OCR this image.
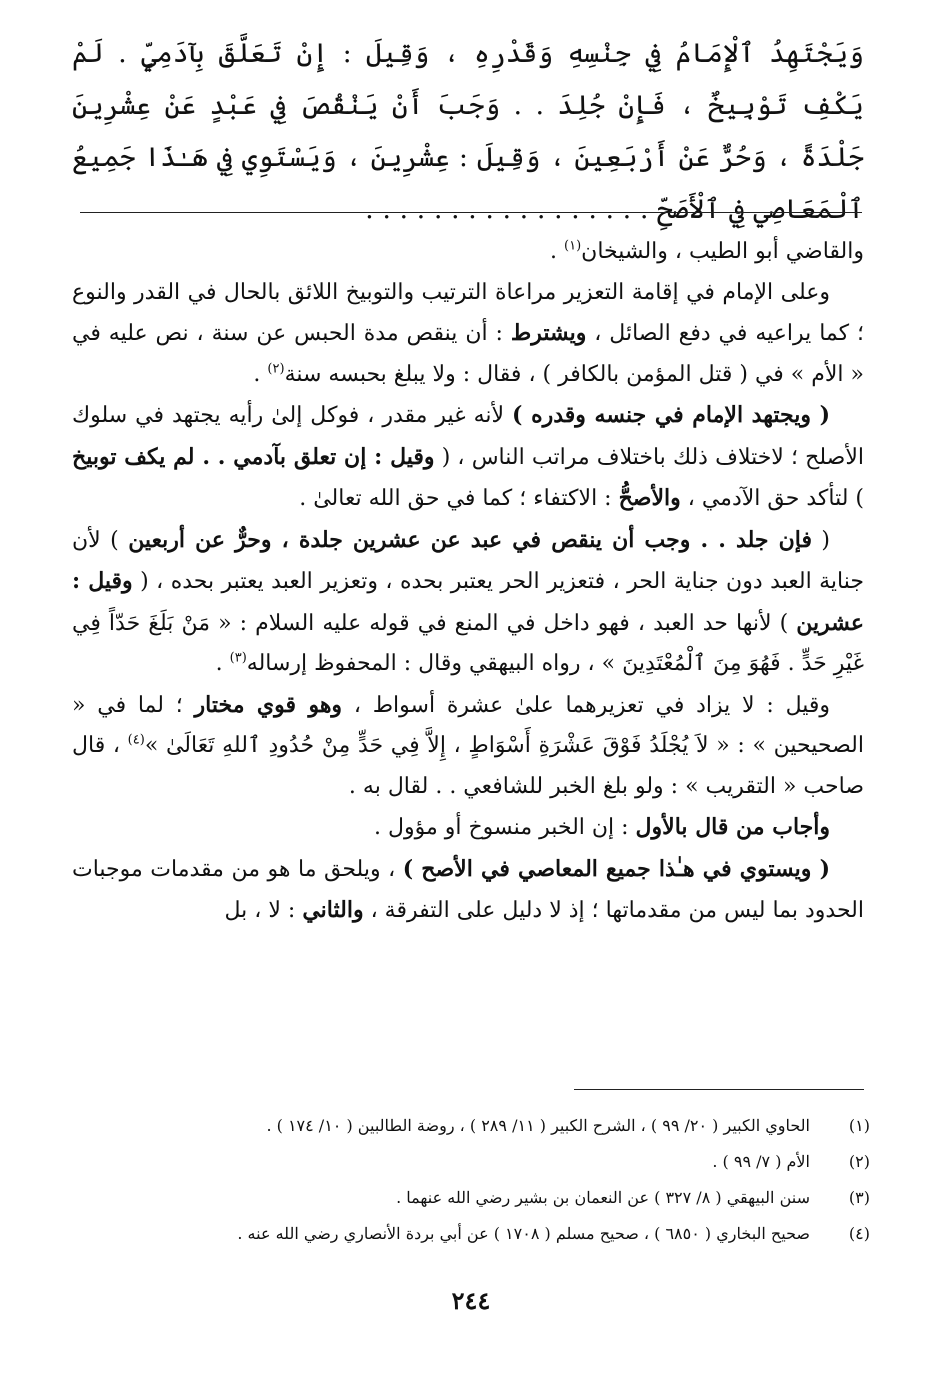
وَيَجْتَهِدُ ٱلْإِمَامُ فِي جِنْسِهِ وَقَدْرِهِ ، وَقِيلَ : إِنْ تَعَلَّقَ بِآدَمِيٍّ . لَمْ يَكْفِ تَوْبِيخٌ ، فَإِنْ جُلِدَ . . وَجَبَ أَنْ يَنْقُصَ فِي عَبْدٍ عَنْ عِشْرِينَ جَلْدَةً ، وَحُرٌّ عَنْ أَرْبَعِينَ ، وَقِيلَ : عِشْرِينَ ، وَيَسْتَوِي فِي هَـٰذَا جَمِيعُ ٱلْمَعَاصِي فِي ٱلْأَصَحِّ . . . . . . . . . . . . . . . . .

والقاضي أبو الطيب ، والشيخان$^{(١)}$ .

وعلى الإمام في إقامة التعزير مراعاة الترتيب والتوبيخ اللائق بالحال في القدر والنوع ؛ كما يراعيه في دفع الصائل ، ويشترط : أن ينقص مدة الحبس عن سنة ، نص عليه في « الأم » في ( قتل المؤمن بالكافر ) ، فقال : ولا يبلغ بحبسه سنة$^{(٢)}$ .

( ويجتهد الإمام في جنسه وقدره ) لأنه غير مقدر ، فوكل إلىٰ رأيه يجتهد في سلوك الأصلح ؛ لاختلاف ذلك باختلاف مراتب الناس ، ( وقيل : إن تعلق بآدمي . . لم يكف توبيخ ) لتأكد حق الآدمي ، والأصحُّ : الاكتفاء ؛ كما في حق الله تعالىٰ .

( فإن جلد . . وجب أن ينقص في عبد عن عشرين جلدة ، وحرٌّ عن أربعين ) لأن جناية العبد دون جناية الحر ، فتعزير الحر يعتبر بحده ، وتعزير العبد يعتبر بحده ، ( وقيل : عشرين ) لأنها حد العبد ، فهو داخل في المنع في قوله عليه السلام : « مَنْ بَلَغَ حَدّاً فِي غَيْرِ حَدٍّ . فَهُوَ مِنَ ٱلْمُعْتَدِينَ » ، رواه البيهقي وقال : المحفوظ إرساله$^{(٣)}$ .

وقيل : لا يزاد في تعزيرهما علىٰ عشرة أسواط ، وهو قوي مختار ؛ لما في « الصحيحين » : « لاَ يُجْلَدُ فَوْقَ عَشْرَةِ أَسْوَاطٍ ، إِلاَّ فِي حَدٍّ مِنْ حُدُودِ ٱللهِ تَعَالَىٰ »$^{(٤)}$ ، قال صاحب « التقريب » : ولو بلغ الخبر للشافعي . . لقال به .

وأجاب من قال بالأول : إن الخبر منسوخ أو مؤول .

( ويستوي في هـٰذا جميع المعاصي في الأصح ) ، ويلحق ما هو من مقدمات موجبات الحدود بما ليس من مقدماتها ؛ إذ لا دليل على التفرقة ، والثاني : لا ، بل

(١)
الحاوي الكبير ( ٢٠/ ٩٩ ) ، الشرح الكبير ( ١١/ ٢٨٩ ) ، روضة الطالبين ( ١٠/ ١٧٤ ) .
(٢)
الأم ( ٧/ ٩٩ ) .
(٣)
سنن البيهقي ( ٨/ ٣٢٧ ) عن النعمان بن بشير رضي الله عنهما .
(٤)
صحيح البخاري ( ٦٨٥٠ ) ، صحيح مسلم ( ١٧٠٨ ) عن أبي بردة الأنصاري رضي الله عنه .
٢٤٤
